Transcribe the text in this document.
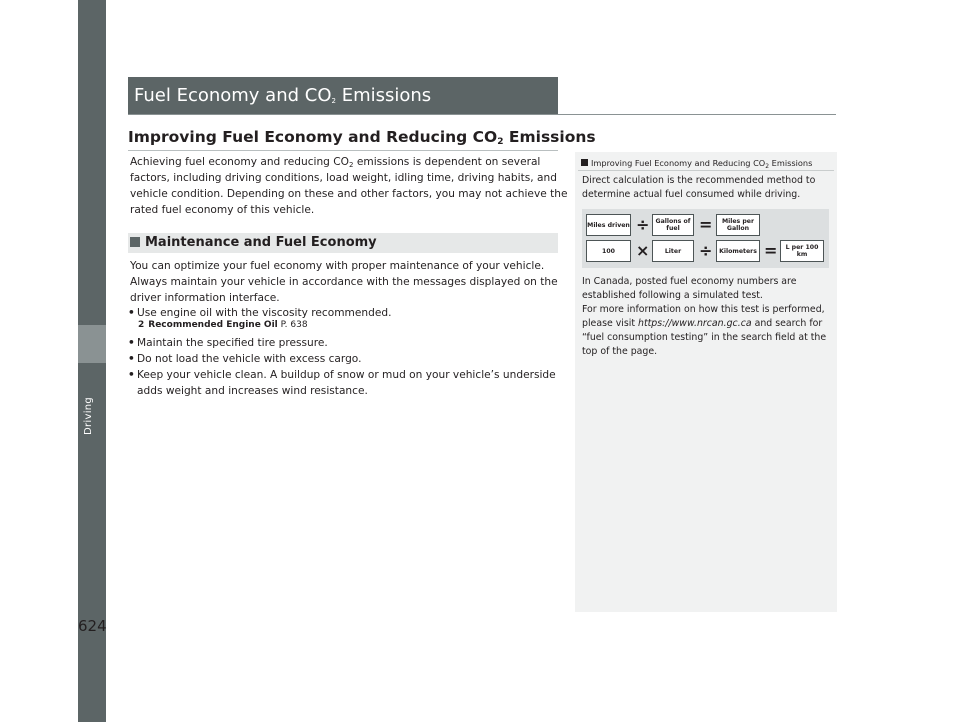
Driving
624
Fuel Economy and $CO_2$ Emissions
Improving Fuel Economy and Reducing $CO_2$ Emissions
Achieving fuel economy and reducing $CO_2$ emissions is dependent on several
factors, including driving conditions, load weight, idling time, driving habits, and
vehicle condition. Depending on these and other factors, you may not achieve the
rated fuel economy of this vehicle.
Maintenance and Fuel Economy
You can optimize your fuel economy with proper maintenance of your vehicle.
Always maintain your vehicle in accordance with the messages displayed on the
driver information interface.
• Use engine oil with the viscosity recommended.
2 Recommended Engine Oil P. 638
• Maintain the specified tire pressure.
• Do not load the vehicle with excess cargo.
• Keep your vehicle clean. A buildup of snow or mud on your vehicle’s underside
adds weight and increases wind resistance.
Improving Fuel Economy and Reducing $CO_2$ Emissions
Direct calculation is the recommended method to
determine actual fuel consumed while driving.
Miles driven ÷ Gallons of fuel	=	Miles per Gallon
100	×	Liter	÷	Kilometers =	L per 100 km
In Canada, posted fuel economy numbers are
established following a simulated test.
For more information on how this test is performed,
please visit https://www.nrcan.gc.ca and search for
“fuel consumption testing” in the search field at the
top of the page.
